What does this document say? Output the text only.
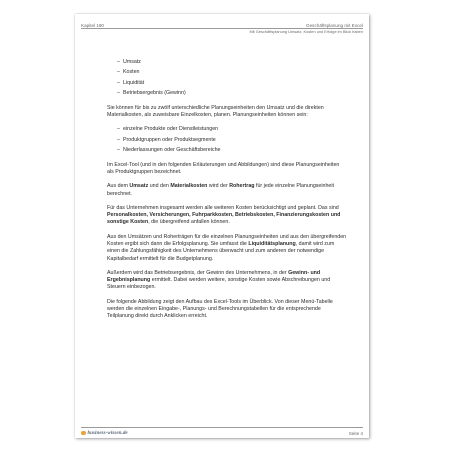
Kapitel 190	Geschäftsplanung mit Excel
Mit Geschäftsplanung Umsatz, Kosten und Erfolge im Blick haben
– Umsatz
– Kosten
– Liquidität
– Betriebsergebnis (Gewinn)

Sie können für bis zu zwölf unterschiedliche Planungseinheiten den Umsatz und die direkten Materialkosten, als zuweisbare Einzelkosten, planen. Planungseinheiten können sein:

– einzelne Produkte oder Dienstleistungen
– Produktgruppen oder Produktsegmente
– Niederlassungen oder Geschäftsbereiche

Im Excel-Tool (und in den folgenden Erläuterungen und Abbildungen) sind diese Planungseinheiten als Produktgruppen bezeichnet.

Aus dem Umsatz und den Materialkosten wird der Rohertrag für jede einzelne Planungseinheit berechnet.

Für das Unternehmen insgesamt werden alle weiteren Kosten berücksichtigt und geplant. Das sind Personalkosten, Versicherungen, Fuhrparkkosten, Betriebskosten, Finanzierungskosten und sonstige Kosten, die übergreifend anfallen können.

Aus den Umsätzen und Roherträgen für die einzelnen Planungseinheiten und aus den übergreifenden Kosten ergibt sich dann die Erfolgsplanung. Sie umfasst die Liquiditätsplanung, damit wird zum einen die Zahlungsfähigkeit des Unternehmens überwacht und zum anderen der notwendige Kapitalbedarf ermittelt für die Budgetplanung.

Außerdem wird das Betriebsergebnis, der Gewinn des Unternehmens, in der Gewinn- und Ergebnisplanung ermittelt. Dabei werden weitere, sonstige Kosten sowie Abschreibungen und Steuern einbezogen.

Die folgende Abbildung zeigt den Aufbau des Excel-Tools im Überblick. Von dieser Menü-Tabelle werden die einzelnen Eingabe-, Planungs- und Berechnungstabellen für die entsprechende Teilplanung direkt durch Anklicken erreicht.

business-wissen.de	Seite 4
